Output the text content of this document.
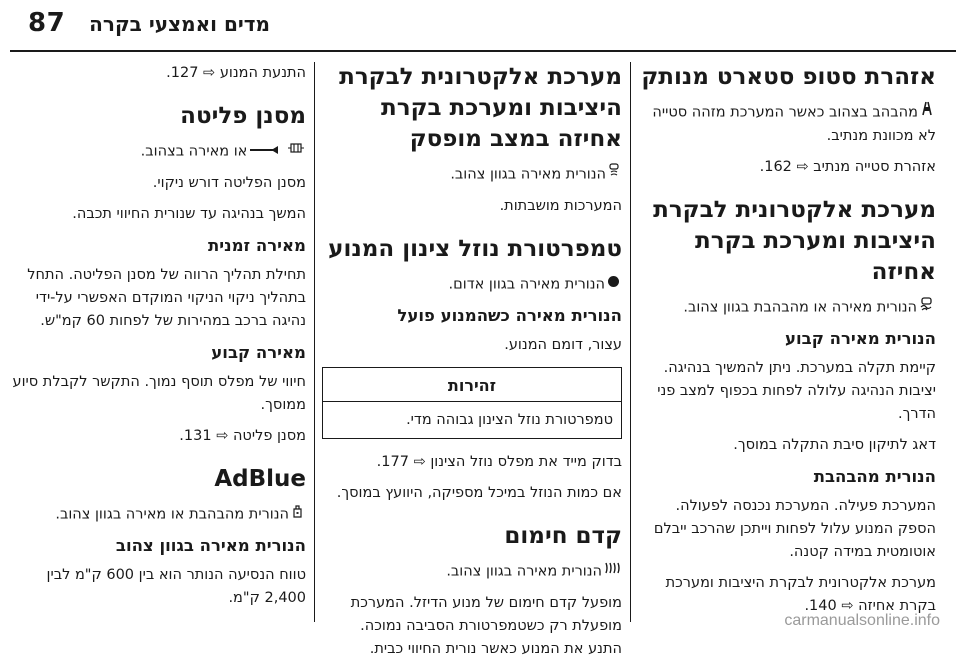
87 מדים ואמצעי בקרה
אזהרת סטופ סטארט מנותק

מהבהב בצהוב כאשר המערכת מזהה סטייה לא מכוונת מנתיב.

אזהרת סטייה מנתיב ⇨ 162.

מערכת אלקטרונית לבקרת היציבות ומערכת בקרת אחיזה

הנורית מאירה או מהבהבת בגוון צהוב.

הנורית מאירה קבוע

קיימת תקלה במערכת. ניתן להמשיך בנהיגה. יציבות הנהיגה עלולה לפחות בכפוף למצב פני הדרך.

דאג לתיקון סיבת התקלה במוסך.

הנורית מהבהבת

המערכת פעילה. המערכת נכנסה לפעולה. הספק המנוע עלול לפחות וייתכן שהרכב ייבלם אוטומטית במידה קטנה.

מערכת אלקטרונית לבקרת היציבות ומערכת בקרת אחיזה ⇨ 140.

מערכת אלקטרונית לבקרת היציבות ומערכת בקרת אחיזה במצב מופסק

הנורית מאירה בגוון צהוב.

המערכות מושבתות.

טמפרטורת נוזל צינון המנוע

הנורית מאירה בגוון אדום.

הנורית מאירה כשהמנוע פועל

עצור, דומם המנוע.

זהירות
טמפרטורת נוזל הצינון גבוהה מדי.

בדוק מייד את מפלס נוזל הצינון ⇨ 177.

אם כמות הנוזל במיכל מספיקה, היוועץ במוסך.

קדם חימום

הנורית מאירה בגוון צהוב.

מופעל קדם חימום של מנוע הדיזל. המערכת מופעלת רק כשטמפרטורת הסביבה נמוכה. התנע את המנוע כאשר נורית החיווי כבית.

התנעת המנוע ⇨ 127.

מסנן פליטה

או מאירה בצהוב.

מסנן הפליטה דורש ניקוי.

המשך בנהיגה עד שנורית החיווי תכבה.

מאירה זמנית

תחילת תהליך הרווה של מסנן הפליטה. התחל בתהליך ניקוי הניקוי המוקדם האפשרי על-ידי נהיגה ברכב במהירות של לפחות 60 קמ"ש.

מאירה קבוע

חיווי של מפלס תוסף נמוך. התקשר לקבלת סיוע ממוסך.

מסנן פליטה ⇨ 131.

AdBlue

הנורית מהבהבת או מאירה בגוון צהוב.

הנורית מאירה בגוון צהוב

טווח הנסיעה הנותר הוא בין 600 ק"מ לבין 2,400 ק"מ.

carmanualsonline.info
